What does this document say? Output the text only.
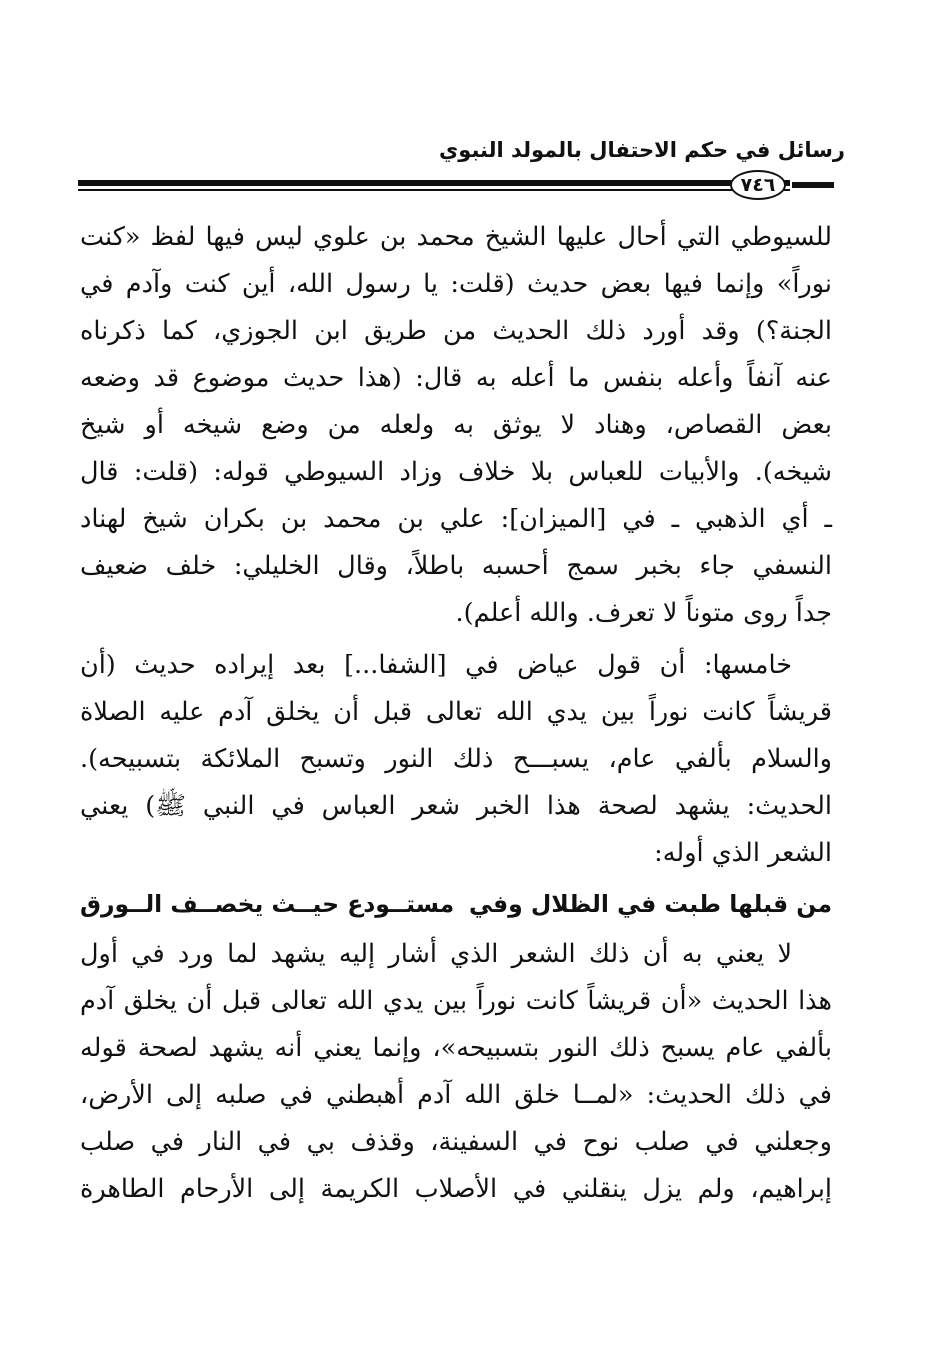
رسائل في حكم الاحتفال بالمولد النبوي
٧٤٦
للسيوطي التي أحال عليها الشيخ محمد بن علوي ليس فيها لفظ «كنت
نوراً» وإنما فيها بعض حديث (قلت: يا رسول الله، أين كنت وآدم في
الجنة؟) وقد أورد ذلك الحديث من طريق ابن الجوزي، كما ذكرناه
عنه آنفاً وأعله بنفس ما أعله به قال: (هذا حديث موضوع قد وضعه
بعض القصاص، وهناد لا يوثق به ولعله من وضع شيخه أو شيخ
شيخه). والأبيات للعباس بلا خلاف وزاد السيوطي قوله: (قلت: قال
ـ أي الذهبي ـ في [الميزان]: علي بن محمد بن بكران شيخ لهناد
النسفي جاء بخبر سمج أحسبه باطلاً، وقال الخليلي: خلف ضعيف
جداً روى متوناً لا تعرف. والله أعلم).
خامسها: أن قول عياض في [الشفا...] بعد إيراده حديث (أن
قريشاً كانت نوراً بين يدي الله تعالى قبل أن يخلق آدم عليه الصلاة
والسلام بألفي عام، يسبـــح ذلك النور وتسبح الملائكة بتسبيحه).
الحديث: يشهد لصحة هذا الخبر شعر العباس في النبي ﷺ) يعني
الشعر الذي أوله:
من قبلها طبت في الظلال وفي
مستــودع حيــث يخصــف الــورق
لا يعني به أن ذلك الشعر الذي أشار إليه يشهد لما ورد في أول
هذا الحديث «أن قريشاً كانت نوراً بين يدي الله تعالى قبل أن يخلق آدم
بألفي عام يسبح ذلك النور بتسبيحه»، وإنما يعني أنه يشهد لصحة قوله
في ذلك الحديث: «لمــا خلق الله آدم أهبطني في صلبه إلى الأرض،
وجعلني في صلب نوح في السفينة، وقذف بي في النار في صلب
إبراهيم، ولم يزل ينقلني في الأصلاب الكريمة إلى الأرحام الطاهرة
